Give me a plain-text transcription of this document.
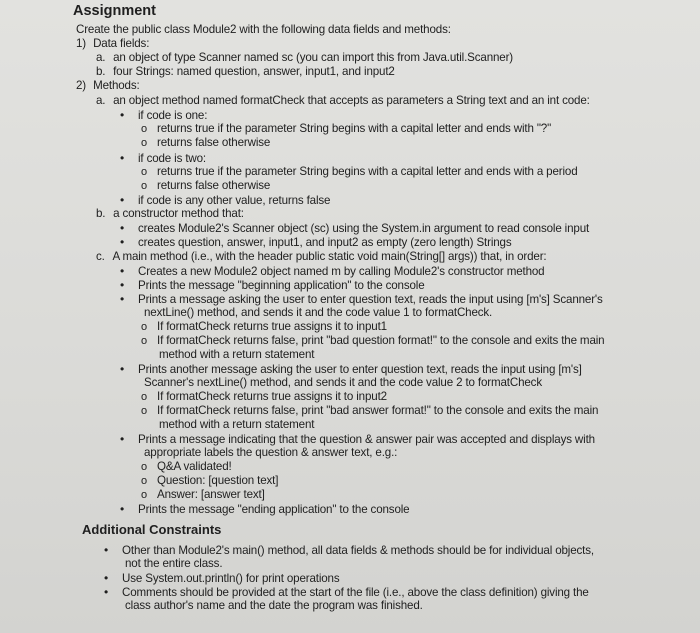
Assignment
Create the public class Module2 with the following data fields and methods:
1) Data fields:
a. an object of type Scanner named sc (you can import this from Java.util.Scanner)
b. four Strings: named question, answer, input1, and input2
2) Methods:
a. an object method named formatCheck that accepts as parameters a String text and an int code:
• if code is one:
o returns true if the parameter String begins with a capital letter and ends with "?"
o returns false otherwise
• if code is two:
o returns true if the parameter String begins with a capital letter and ends with a period
o returns false otherwise
• if code is any other value, returns false
b. a constructor method that:
• creates Module2's Scanner object (sc) using the System.in argument to read console input
• creates question, answer, input1, and input2 as empty (zero length) Strings
c. A main method (i.e., with the header public static void main(String[] args)) that, in order:
• Creates a new Module2 object named m by calling Module2's constructor method
• Prints the message "beginning application" to the console
• Prints a message asking the user to enter question text, reads the input using [m's] Scanner's
nextLine() method, and sends it and the code value 1 to formatCheck.
o If formatCheck returns true assigns it to input1
o If formatCheck returns false, print "bad question format!" to the console and exits the main
method with a return statement
• Prints another message asking the user to enter question text, reads the input using [m's]
Scanner's nextLine() method, and sends it and the code value 2 to formatCheck
o If formatCheck returns true assigns it to input2
o If formatCheck returns false, print "bad answer format!" to the console and exits the main
method with a return statement
• Prints a message indicating that the question & answer pair was accepted and displays with
appropriate labels the question & answer text, e.g.:
o Q&A validated!
o Question: [question text]
o Answer: [answer text]
• Prints the message "ending application" to the console
Additional Constraints
• Other than Module2's main() method, all data fields & methods should be for individual objects,
not the entire class.
• Use System.out.println() for print operations
• Comments should be provided at the start of the file (i.e., above the class definition) giving the
class author's name and the date the program was finished.
